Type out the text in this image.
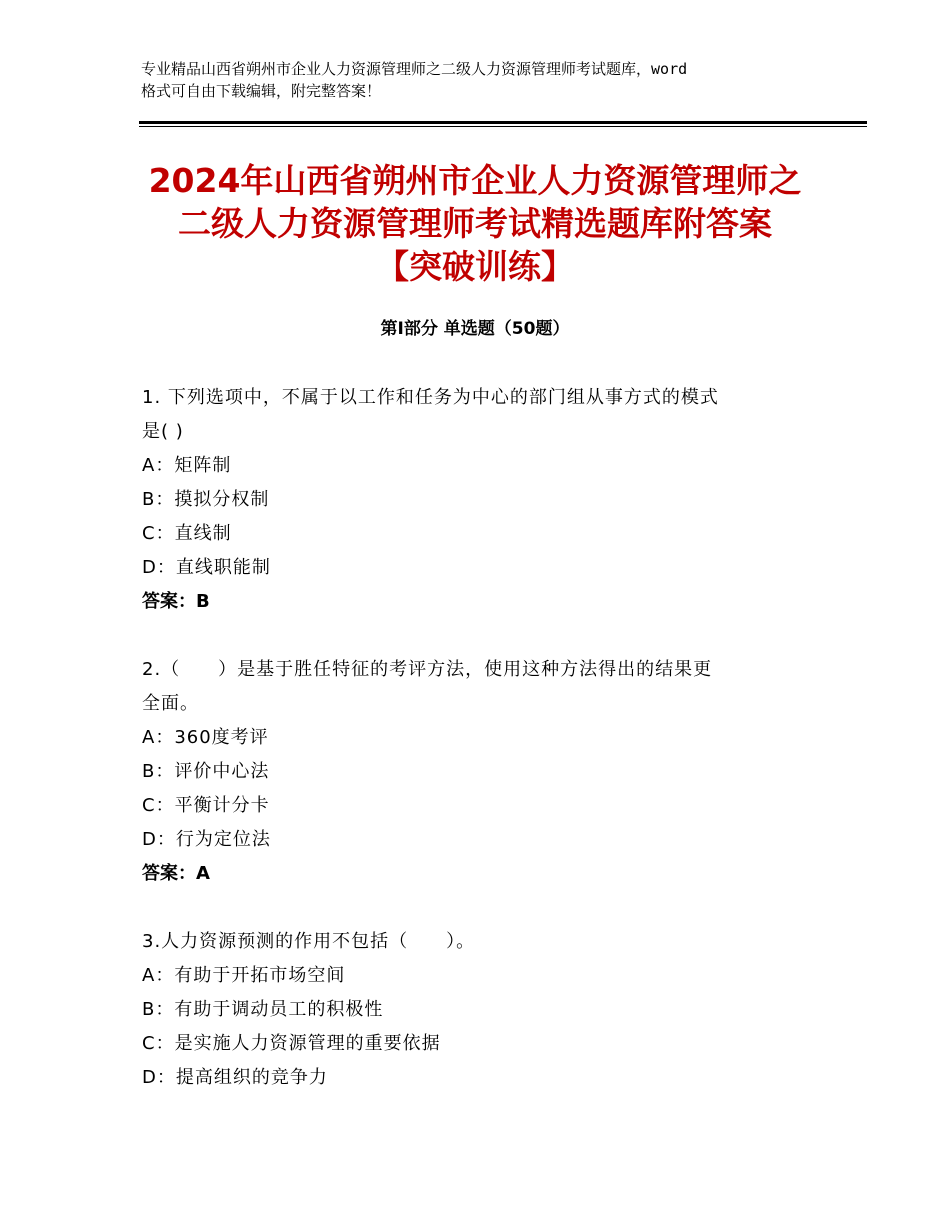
专业精品山西省朔州市企业人力资源管理师之二级人力资源管理师考试题库，word
格式可自由下载编辑，附完整答案！
2024年山西省朔州市企业人力资源管理师之
二级人力资源管理师考试精选题库附答案
【突破训练】
第Ⅰ部分 单选题（50题）
1. 下列选项中，不属于以工作和任务为中心的部门组从事方式的模式
是( )
A：矩阵制
B：摸拟分权制
C：直线制
D：直线职能制
答案：B
2.（　　）是基于胜任特征的考评方法，使用这种方法得出的结果更
全面。
A：360度考评
B：评价中心法
C：平衡计分卡
D：行为定位法
答案：A
3.人力资源预测的作用不包括（　　）。
A：有助于开拓市场空间
B：有助于调动员工的积极性
C：是实施人力资源管理的重要依据
D：提高组织的竞争力
